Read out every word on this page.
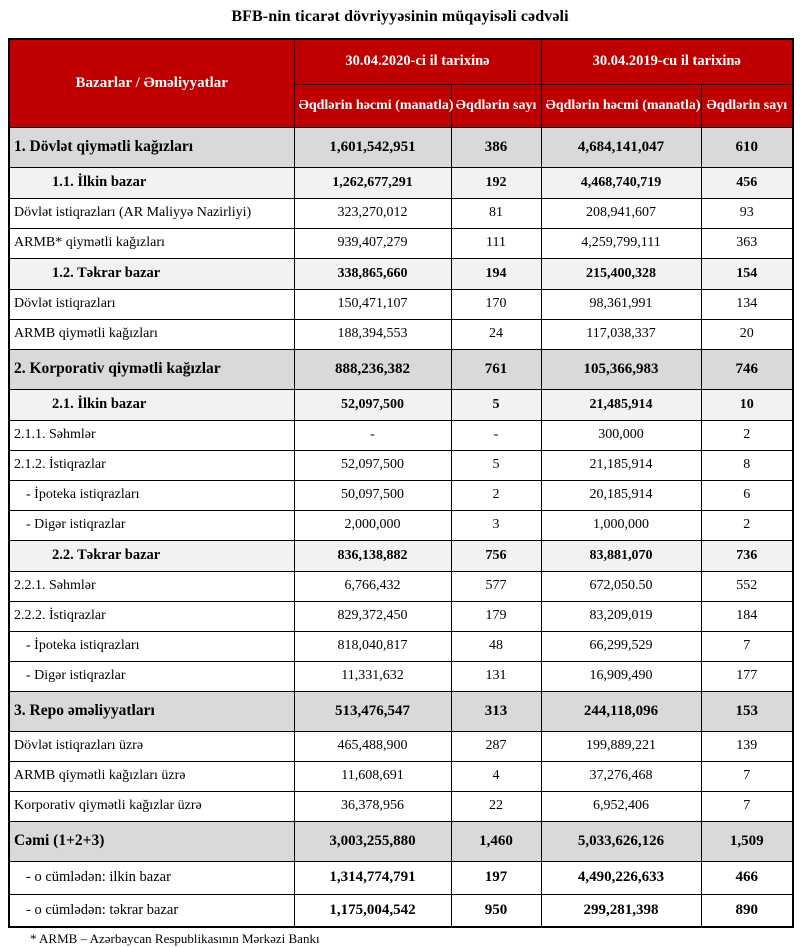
BFB-nin ticarət dövriyyəsinin müqayisəli cədvəli
Bazarlar / Əməliyyatlar	30.04.2020-ci il tarixinə		30.04.2019-cu il tarixinə	
	Əqdlərin həcmi (manatla)	Əqdlərin sayı	Əqdlərin həcmi (manatla)	Əqdlərin sayı
1. Dövlət qiymətli kağızları	1,601,542,951	386	4,684,141,047	610
1.1. İlkin bazar	1,262,677,291	192	4,468,740,719	456
Dövlət istiqrazları (AR Maliyyə Nazirliyi)	323,270,012	81	208,941,607	93
ARMB* qiymətli kağızları	939,407,279	111	4,259,799,111	363
1.2. Təkrar bazar	338,865,660	194	215,400,328	154
Dövlət istiqrazları	150,471,107	170	98,361,991	134
ARMB qiymətli kağızları	188,394,553	24	117,038,337	20
2. Korporativ qiymətli kağızlar	888,236,382	761	105,366,983	746
2.1. İlkin bazar	52,097,500	5	21,485,914	10
2.1.1. Səhmlər	-	-	300,000	2
2.1.2. İstiqrazlar	52,097,500	5	21,185,914	8
- İpoteka istiqrazları	50,097,500	2	20,185,914	6
- Digər istiqrazlar	2,000,000	3	1,000,000	2
2.2. Təkrar bazar	836,138,882	756	83,881,070	736
2.2.1. Səhmlər	6,766,432	577	672,050.50	552
2.2.2. İstiqrazlar	829,372,450	179	83,209,019	184
- İpoteka istiqrazları	818,040,817	48	66,299,529	7
- Digər istiqrazlar	11,331,632	131	16,909,490	177
3. Repo əməliyyatları	513,476,547	313	244,118,096	153
Dövlət istiqrazları üzrə	465,488,900	287	199,889,221	139
ARMB qiymətli kağızları üzrə	11,608,691	4	37,276,468	7
Korporativ qiymətli kağızlar üzrə	36,378,956	22	6,952,406	7
Cəmi (1+2+3)	3,003,255,880	1,460	5,033,626,126	1,509
- o cümlədən: ilkin bazar	1,314,774,791	197	4,490,226,633	466
- o cümlədən: təkrar bazar	1,175,004,542	950	299,281,398	890
* ARMB – Azərbaycan Respublikasının Mərkəzi Bankı
